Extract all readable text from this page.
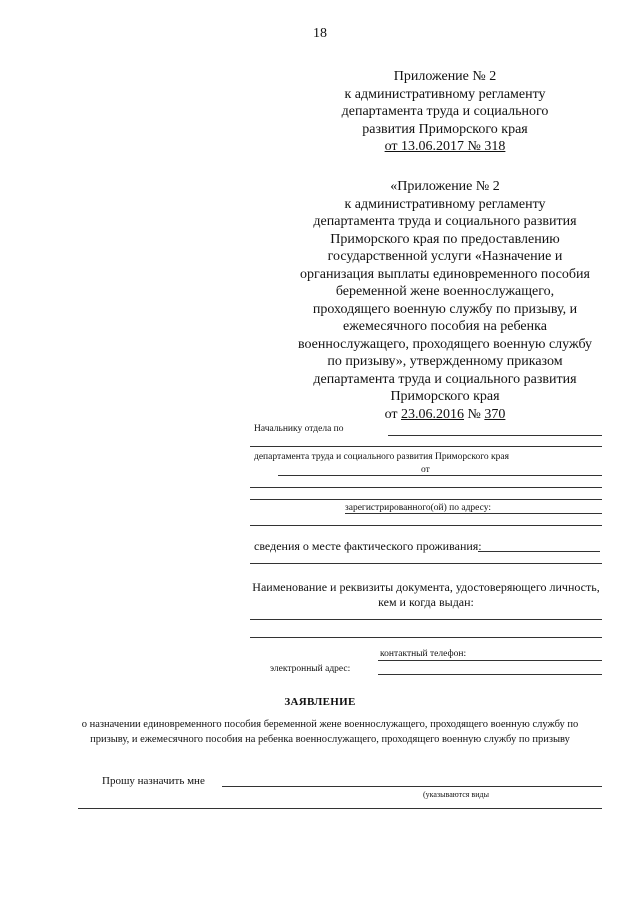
18
Приложение № 2
к административному регламенту
департамента труда и социального
развития Приморского края
от 13.06.2017 № 318
«Приложение № 2
к административному регламенту
департамента труда и социального развития
Приморского края по предоставлению
государственной услуги «Назначение и
организация выплаты единовременного пособия
беременной жене военнослужащего,
проходящего военную службу по призыву, и
ежемесячного пособия на ребенка
военнослужащего, проходящего военную службу
по призыву», утвержденному приказом
департамента труда и социального развития
Приморского края
от 23.06.2016 № 370
Начальнику отдела по
департамента труда и социального развития Приморского края
от
зарегистрированного(ой) по адресу:
сведения о месте фактического проживания:
Наименование и реквизиты документа, удостоверяющего личность,
кем и когда выдан:
контактный телефон:
электронный адрес:
ЗАЯВЛЕНИЕ
о назначении единовременного пособия беременной жене военнослужащего, проходящего военную службу по
призыву, и ежемесячного пособия на ребенка военнослужащего, проходящего военную службу по призыву
Прошу назначить мне
(указываются виды
